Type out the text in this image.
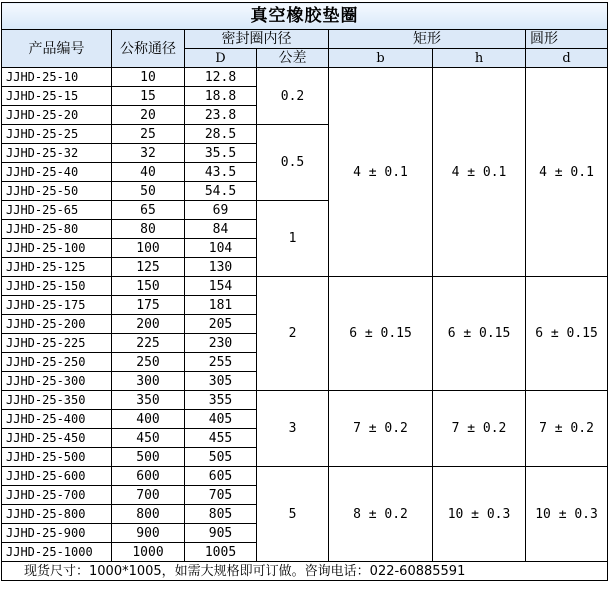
真空橡胶垫圈						
产品编号	公称通径	密封圈内径		矩形		圆形
		D	公差	b	h	d
JJHD-25-10	10	12.8	0.2	4 ± 0.1	4 ± 0.1	4 ± 0.1
JJHD-25-15	15	18.8				
JJHD-25-20	20	23.8				
JJHD-25-25	25	28.5	0.5			
JJHD-25-32	32	35.5				
JJHD-25-40	40	43.5				
JJHD-25-50	50	54.5				
JJHD-25-65	65	69	1			
JJHD-25-80	80	84				
JJHD-25-100	100	104				
JJHD-25-125	125	130				
JJHD-25-150	150	154	2	6 ± 0.15	6 ± 0.15	6 ± 0.15
JJHD-25-175	175	181				
JJHD-25-200	200	205				
JJHD-25-225	225	230				
JJHD-25-250	250	255				
JJHD-25-300	300	305				
JJHD-25-350	350	355	3	7 ± 0.2	7 ± 0.2	7 ± 0.2
JJHD-25-400	400	405				
JJHD-25-450	450	455				
JJHD-25-500	500	505				
JJHD-25-600	600	605	5	8 ± 0.2	10 ± 0.3	10 ± 0.3
JJHD-25-700	700	705				
JJHD-25-800	800	805				
JJHD-25-900	900	905				
JJHD-25-1000	1000	1005				
现货尺寸：1000*1005，如需大规格即可订做。咨询电话：022-60885591						
